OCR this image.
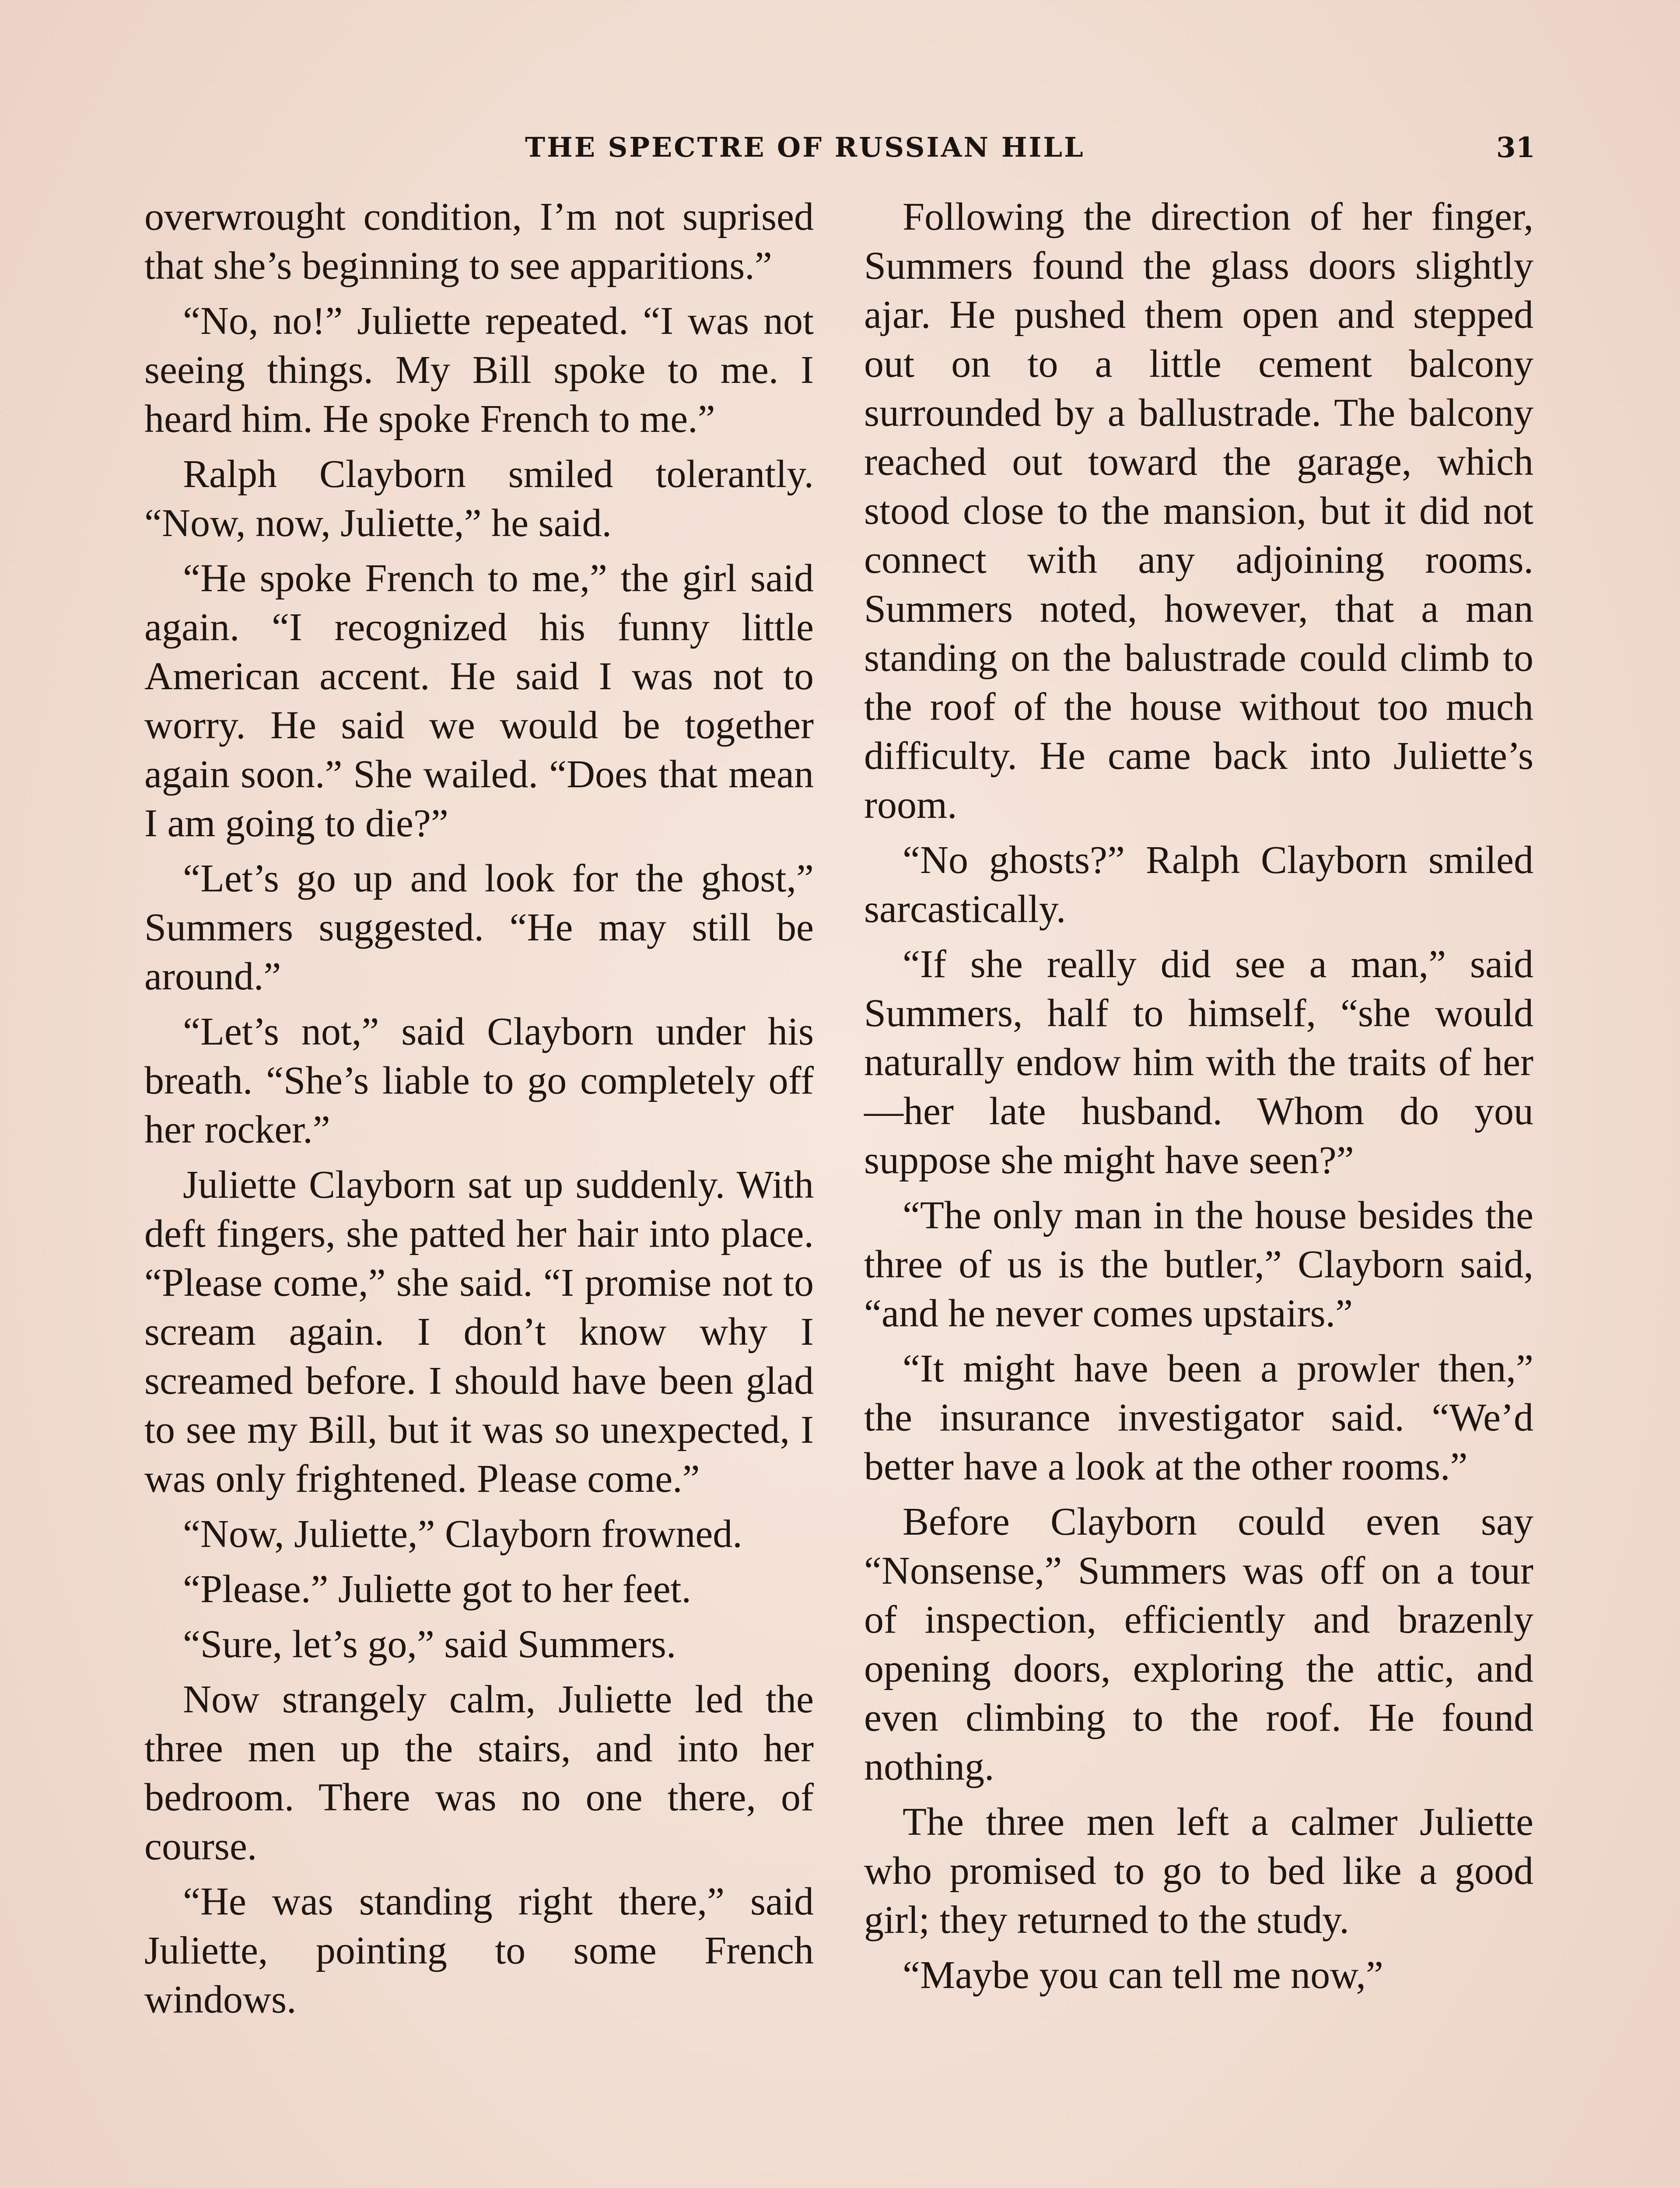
THE SPECTRE OF RUSSIAN HILL	31

overwrought condition, I’m not suprised that she’s beginning to see apparitions.”

“No, no!” Juliette repeated. “I was not seeing things. My Bill spoke to me. I heard him. He spoke French to me.”

Ralph Clayborn smiled tolerantly. “Now, now, Juliette,” he said.

“He spoke French to me,” the girl said again. “I recognized his funny little American accent. He said I was not to worry. He said we would be together again soon.” She wailed. “Does that mean I am going to die?”

“Let’s go up and look for the ghost,” Summers suggested. “He may still be around.”

“Let’s not,” said Clayborn under his breath. “She’s liable to go completely off her rocker.”

Juliette Clayborn sat up suddenly. With deft fingers, she patted her hair into place. “Please come,” she said. “I promise not to scream again. I don’t know why I screamed before. I should have been glad to see my Bill, but it was so unexpected, I was only frightened. Please come.”

“Now, Juliette,” Clayborn frowned.

“Please.” Juliette got to her feet.

“Sure, let’s go,” said Summers.

Now strangely calm, Juliette led the three men up the stairs, and into her bedroom. There was no one there, of course.

“He was standing right there,” said Juliette, pointing to some French windows.

Following the direction of her finger, Summers found the glass doors slightly ajar. He pushed them open and stepped out on to a little cement balcony surrounded by a ballustrade. The balcony reached out toward the garage, which stood close to the mansion, but it did not connect with any adjoining rooms. Summers noted, however, that a man standing on the balustrade could climb to the roof of the house without too much difficulty. He came back into Juliette’s room.

“No ghosts?” Ralph Clayborn smiled sarcastically.

“If she really did see a man,” said Summers, half to himself, “she would naturally endow him with the traits of her—her late husband. Whom do you suppose she might have seen?”

“The only man in the house besides the three of us is the butler,” Clayborn said, “and he never comes upstairs.”

“It might have been a prowler then,” the insurance investigator said. “We’d better have a look at the other rooms.”

Before Clayborn could even say “Nonsense,” Summers was off on a tour of inspection, efficiently and brazenly opening doors, exploring the attic, and even climbing to the roof. He found nothing.

The three men left a calmer Juliette who promised to go to bed like a good girl; they returned to the study.

“Maybe you can tell me now,”
